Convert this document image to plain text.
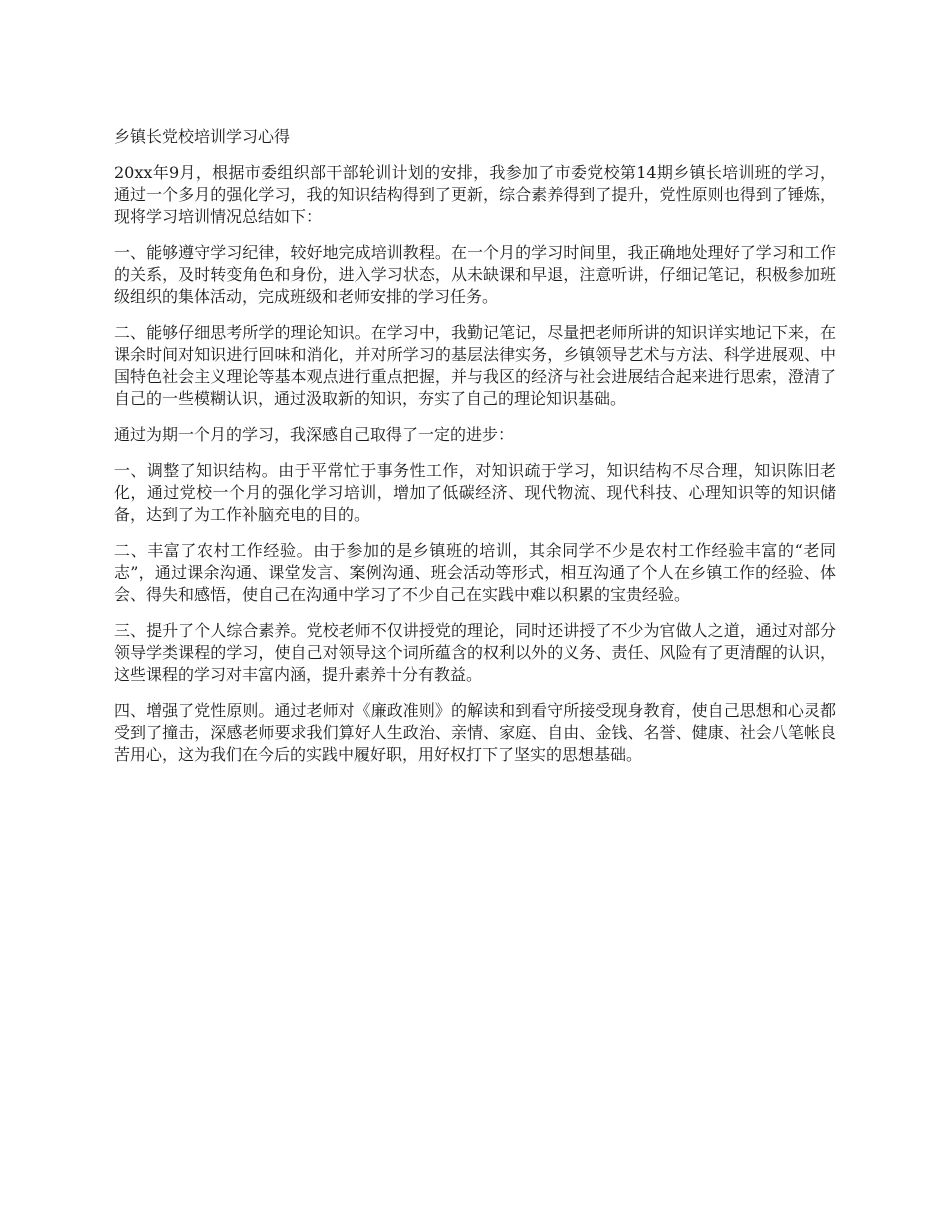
乡镇长党校培训学习心得

20xx年9月，根据市委组织部干部轮训计划的安排，我参加了市委党校第14期乡镇长培训班的学习，通过一个多月的强化学习，我的知识结构得到了更新，综合素养得到了提升，党性原则也得到了锤炼，现将学习培训情况总结如下：

一、能够遵守学习纪律，较好地完成培训教程。在一个月的学习时间里，我正确地处理好了学习和工作的关系，及时转变角色和身份，进入学习状态，从未缺课和早退，注意听讲，仔细记笔记，积极参加班级组织的集体活动，完成班级和老师安排的学习任务。

二、能够仔细思考所学的理论知识。在学习中，我勤记笔记，尽量把老师所讲的知识详实地记下来，在课余时间对知识进行回味和消化，并对所学习的基层法律实务，乡镇领导艺术与方法、科学进展观、中国特色社会主义理论等基本观点进行重点把握，并与我区的经济与社会进展结合起来进行思索，澄清了自己的一些模糊认识，通过汲取新的知识，夯实了自己的理论知识基础。

通过为期一个月的学习，我深感自己取得了一定的进步：

一、调整了知识结构。由于平常忙于事务性工作，对知识疏于学习，知识结构不尽合理，知识陈旧老化，通过党校一个月的强化学习培训，增加了低碳经济、现代物流、现代科技、心理知识等的知识储备，达到了为工作补脑充电的目的。

二、丰富了农村工作经验。由于参加的是乡镇班的培训，其余同学不少是农村工作经验丰富的“老同志”，通过课余沟通、课堂发言、案例沟通、班会活动等形式，相互沟通了个人在乡镇工作的经验、体会、得失和感悟，使自己在沟通中学习了不少自己在实践中难以积累的宝贵经验。

三、提升了个人综合素养。党校老师不仅讲授党的理论，同时还讲授了不少为官做人之道，通过对部分领导学类课程的学习，使自己对领导这个词所蕴含的权利以外的义务、责任、风险有了更清醒的认识，这些课程的学习对丰富内涵，提升素养十分有教益。

四、增强了党性原则。通过老师对《廉政准则》的解读和到看守所接受现身教育，使自己思想和心灵都受到了撞击，深感老师要求我们算好人生政治、亲情、家庭、自由、金钱、名誉、健康、社会八笔帐良苦用心，这为我们在今后的实践中履好职，用好权打下了坚实的思想基础。
